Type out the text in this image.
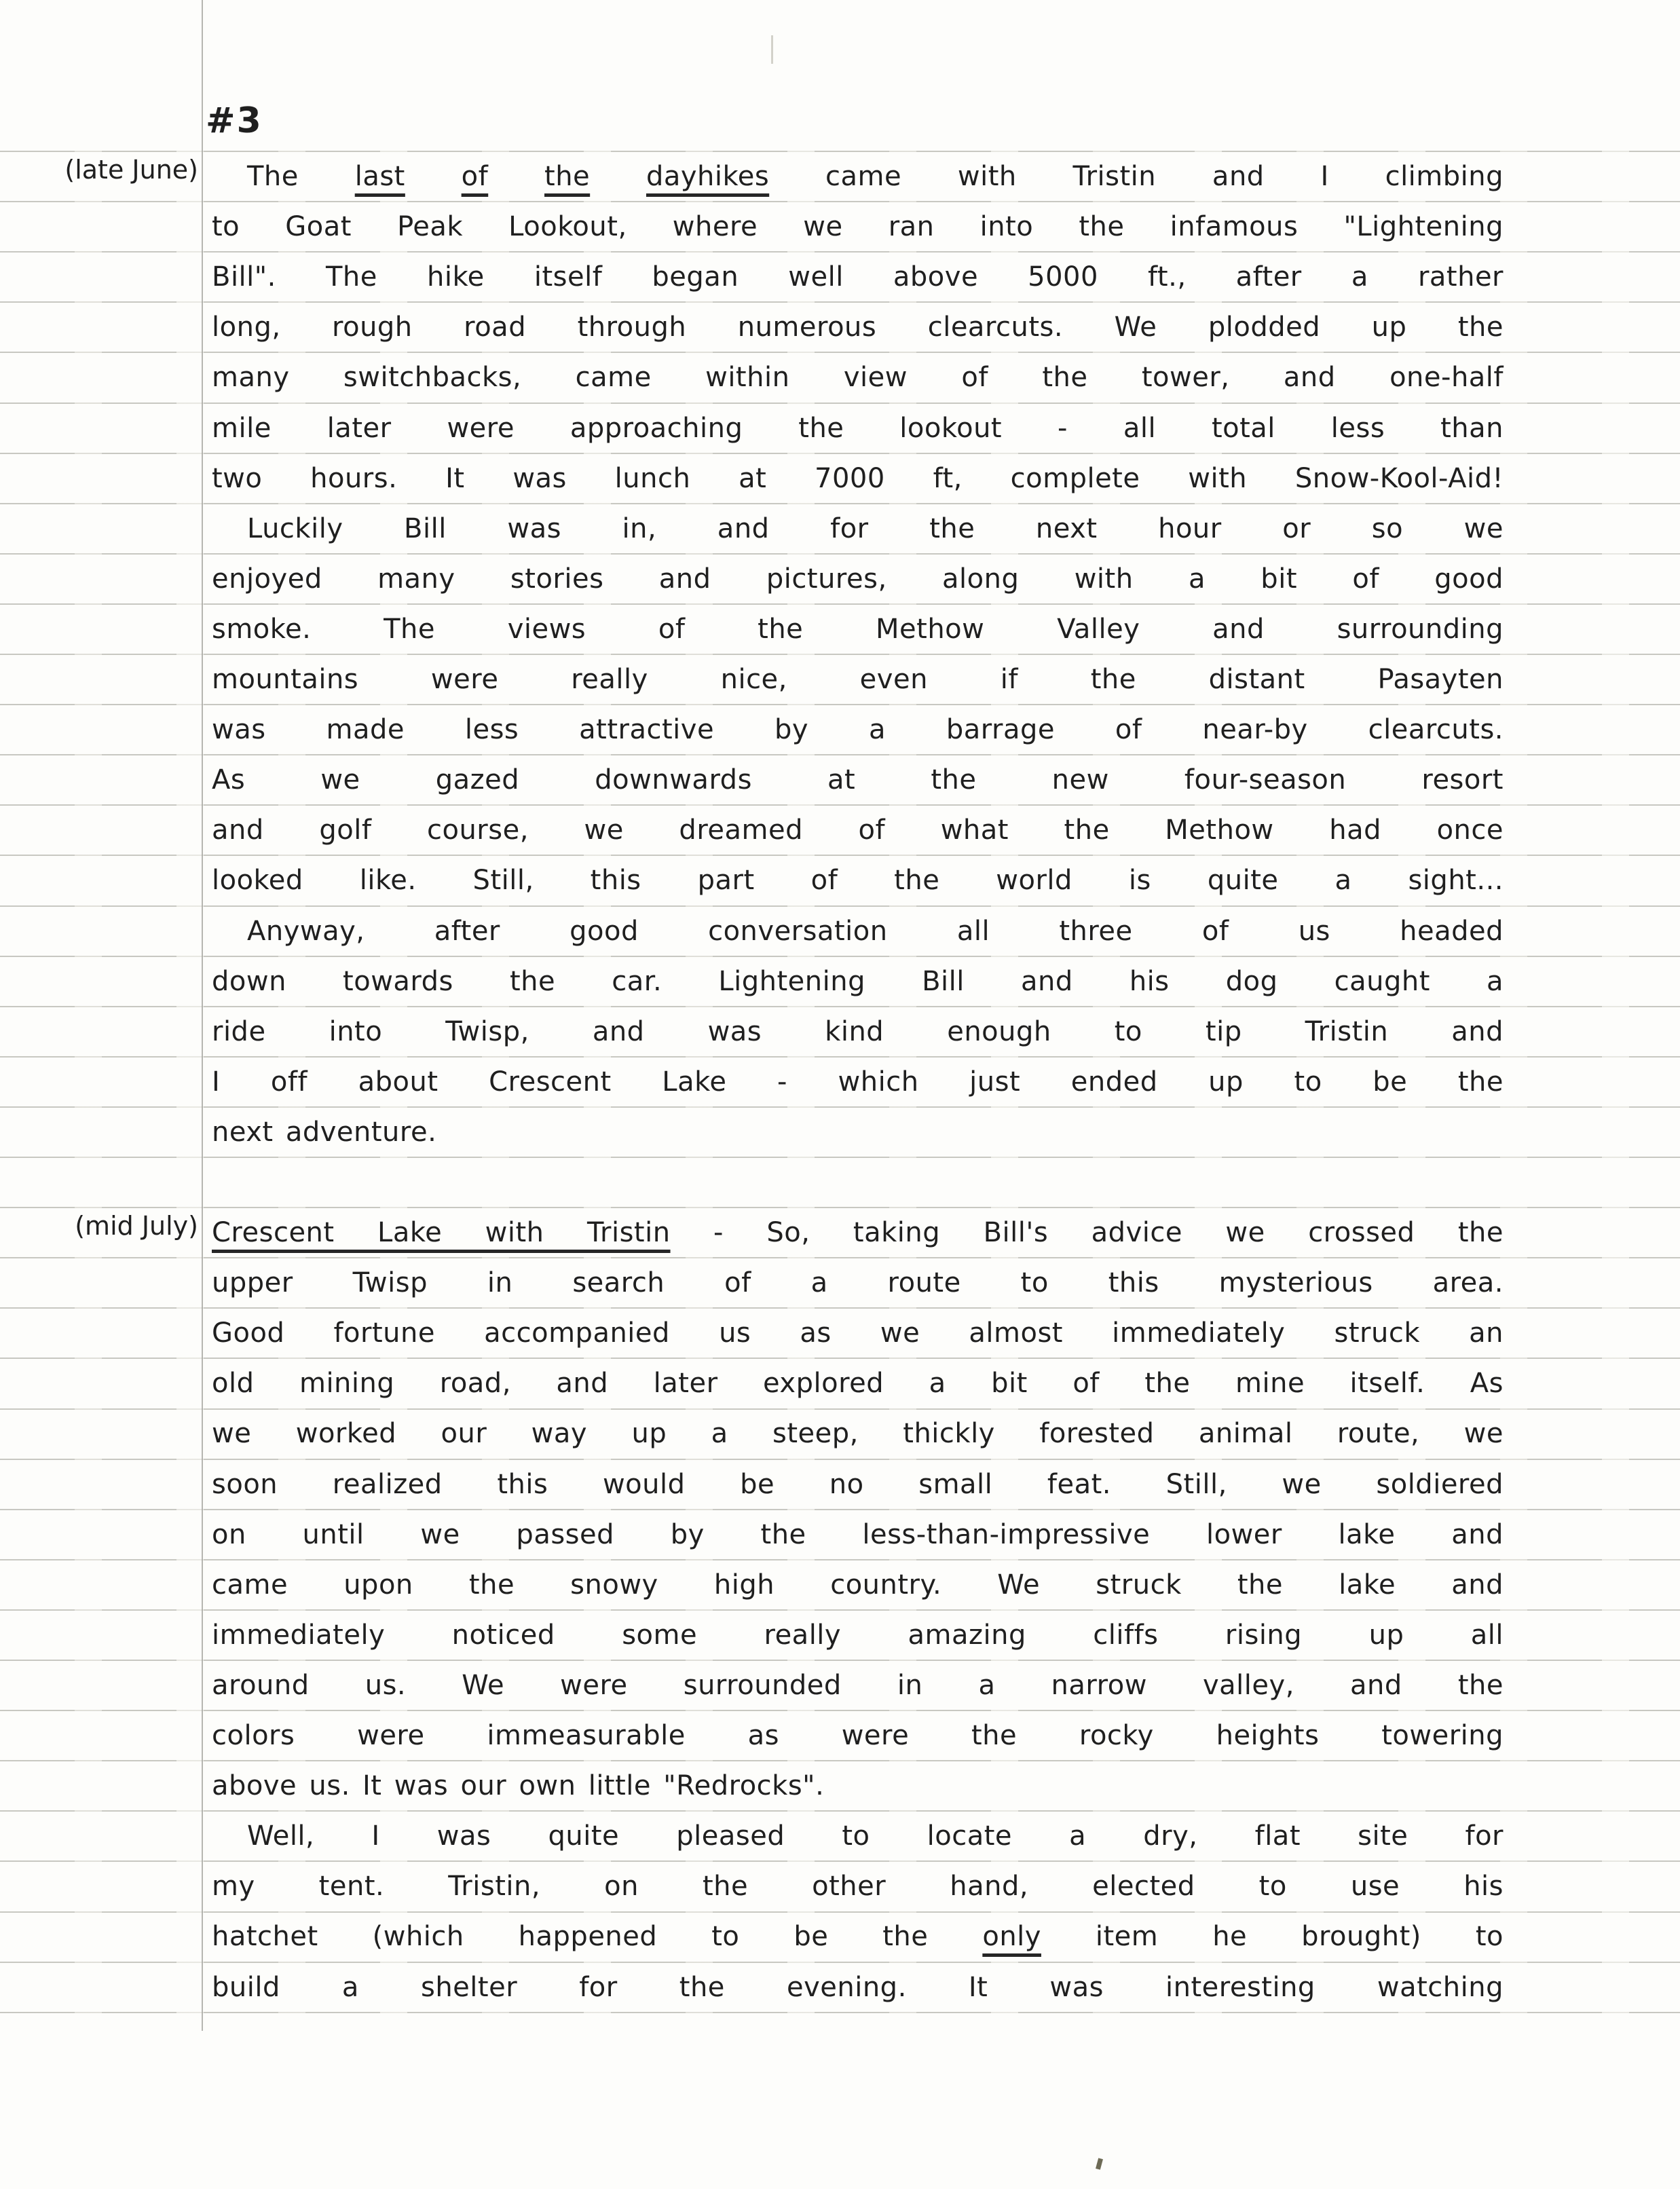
#3
(late June)
(mid July)
The last of the dayhikes came with Tristin and I climbing
to Goat Peak Lookout, where we ran into the infamous "Lightening
Bill". The hike itself began well above 5000 ft., after a rather
long, rough road through numerous clearcuts. We plodded up the
many switchbacks, came within view of the tower, and one-half
mile later were approaching the lookout - all total less than
two hours. It was lunch at 7000 ft, complete with Snow-Kool-Aid!
Luckily Bill was in, and for the next hour or so we
enjoyed many stories and pictures, along with a bit of good
smoke. The views of the Methow Valley and surrounding
mountains were really nice, even if the distant Pasayten
was made less attractive by a barrage of near-by clearcuts.
As we gazed downwards at the new four-season resort
and golf course, we dreamed of what the Methow had once
looked like. Still, this part of the world is quite a sight...
Anyway, after good conversation all three of us headed
down towards the car. Lightening Bill and his dog caught a
ride into Twisp, and was kind enough to tip Tristin and
I off about Crescent Lake - which just ended up to be the
next adventure.
Crescent Lake with Tristin - So, taking Bill's advice we crossed the
upper Twisp in search of a route to this mysterious area.
Good fortune accompanied us as we almost immediately struck an
old mining road, and later explored a bit of the mine itself. As
we worked our way up a steep, thickly forested animal route, we
soon realized this would be no small feat. Still, we soldiered
on until we passed by the less-than-impressive lower lake and
came upon the snowy high country. We struck the lake and
immediately noticed some really amazing cliffs rising up all
around us. We were surrounded in a narrow valley, and the
colors were immeasurable as were the rocky heights towering
above us. It was our own little "Redrocks".
Well, I was quite pleased to locate a dry, flat site for
my tent. Tristin, on the other hand, elected to use his
hatchet (which happened to be the only item he brought) to
build a shelter for the evening. It was interesting watching
